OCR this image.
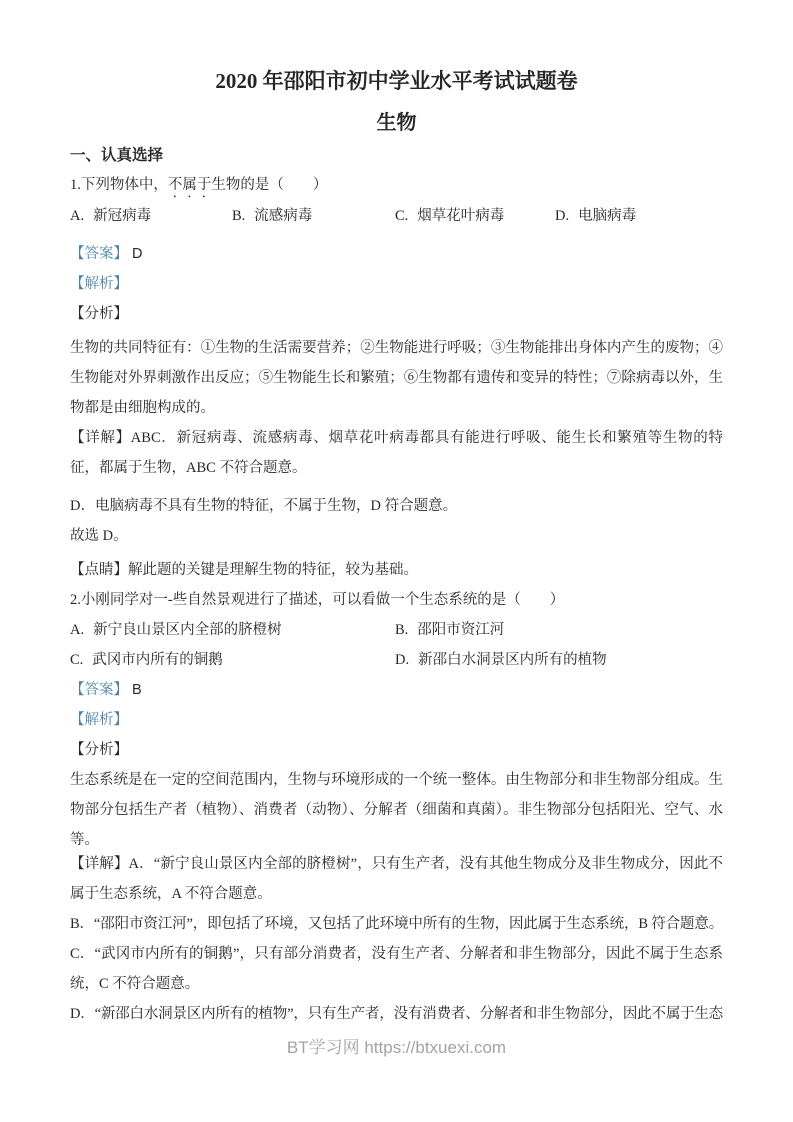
2020 年邵阳市初中学业水平考试试题卷
生物
一、认真选择

1.下列物体中，不属于生物的是（　　）

A. 新冠病毒	B. 流感病毒	C. 烟草花叶病毒	D. 电脑病毒

【答案】 D

【解析】

【分析】

生物的共同特征有：①生物的生活需要营养；②生物能进行呼吸；③生物能排出身体内产生的废物；④生物能对外界刺激作出反应；⑤生物能生长和繁殖；⑥生物都有遗传和变异的特性；⑦除病毒以外，生物都是由细胞构成的。

【详解】ABC．新冠病毒、流感病毒、烟草花叶病毒都具有能进行呼吸、能生长和繁殖等生物的特征，都属于生物，ABC 不符合题意。

D．电脑病毒不具有生物的特征，不属于生物，D 符合题意。

故选 D。

【点睛】解此题的关键是理解生物的特征，较为基础。

2.小刚同学对一-些自然景观进行了描述，可以看做一个生态系统的是（　　）

A. 新宁良山景区内全部的脐橙树	B. 邵阳市资江河
C. 武冈市内所有的铜鹅	D. 新邵白水洞景区内所有的植物

【答案】 B

【解析】

【分析】

生态系统是在一定的空间范围内，生物与环境形成的一个统一整体。由生物部分和非生物部分组成。生物部分包括生产者（植物）、消费者（动物）、分解者（细菌和真菌）。非生物部分包括阳光、空气、水等。

【详解】A．“新宁良山景区内全部的脐橙树”，只有生产者，没有其他生物成分及非生物成分，因此不属于生态系统，A 不符合题意。

B．“邵阳市资江河”，即包括了环境，又包括了此环境中所有的生物，因此属于生态系统，B 符合题意。

C．“武冈市内所有的铜鹅”，只有部分消费者，没有生产者、分解者和非生物部分，因此不属于生态系统，C 不符合题意。

D．“新邵白水洞景区内所有的植物”，只有生产者，没有消费者、分解者和非生物部分，因此不属于生态

BT学习网 https://btxuexi.com
